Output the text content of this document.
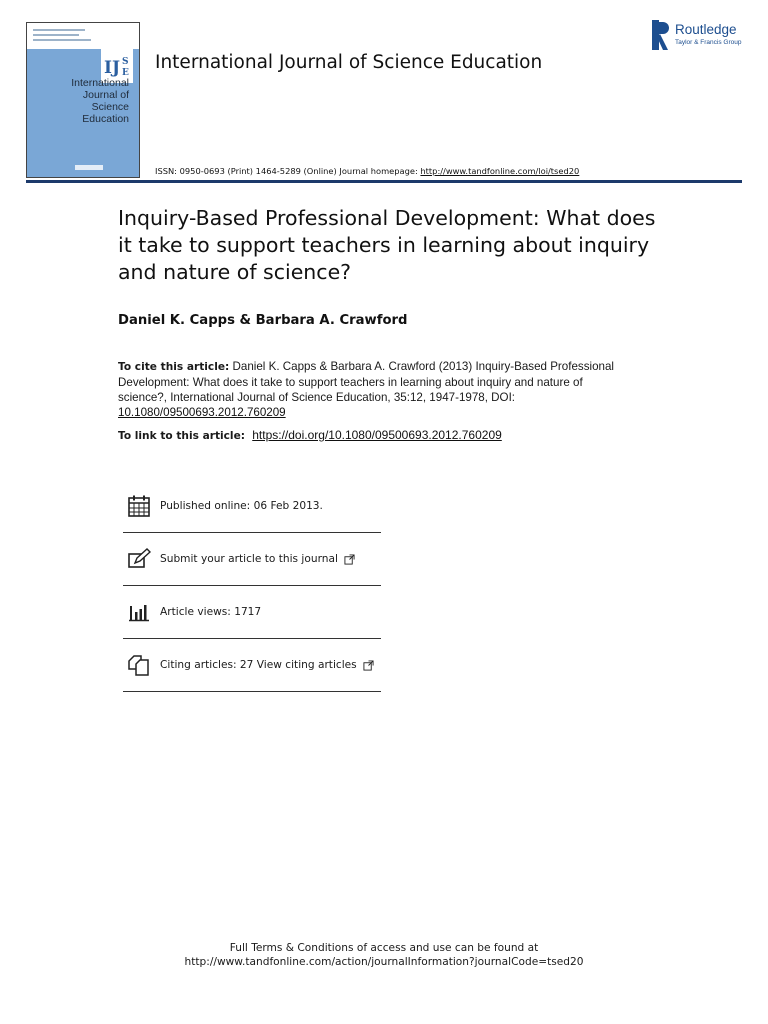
IJ S
E
International
Journal of
Science
Education
International Journal of Science Education
Routledge
Taylor & Francis Group
ISSN: 0950-0693 (Print) 1464-5289 (Online) Journal homepage: http://www.tandfonline.com/loi/tsed20
Inquiry-Based Professional Development: What does it take to support teachers in learning about inquiry and nature of science?
Daniel K. Capps & Barbara A. Crawford
To cite this article: Daniel K. Capps & Barbara A. Crawford (2013) Inquiry-Based Professional Development: What does it take to support teachers in learning about inquiry and nature of science?, International Journal of Science Education, 35:12, 1947-1978, DOI: 10.1080/09500693.2012.760209
To link to this article: https://doi.org/10.1080/09500693.2012.760209
Published online: 06 Feb 2013.
Submit your article to this journal
Article views: 1717
Citing articles: 27 View citing articles
Full Terms & Conditions of access and use can be found at
http://www.tandfonline.com/action/journalInformation?journalCode=tsed20
